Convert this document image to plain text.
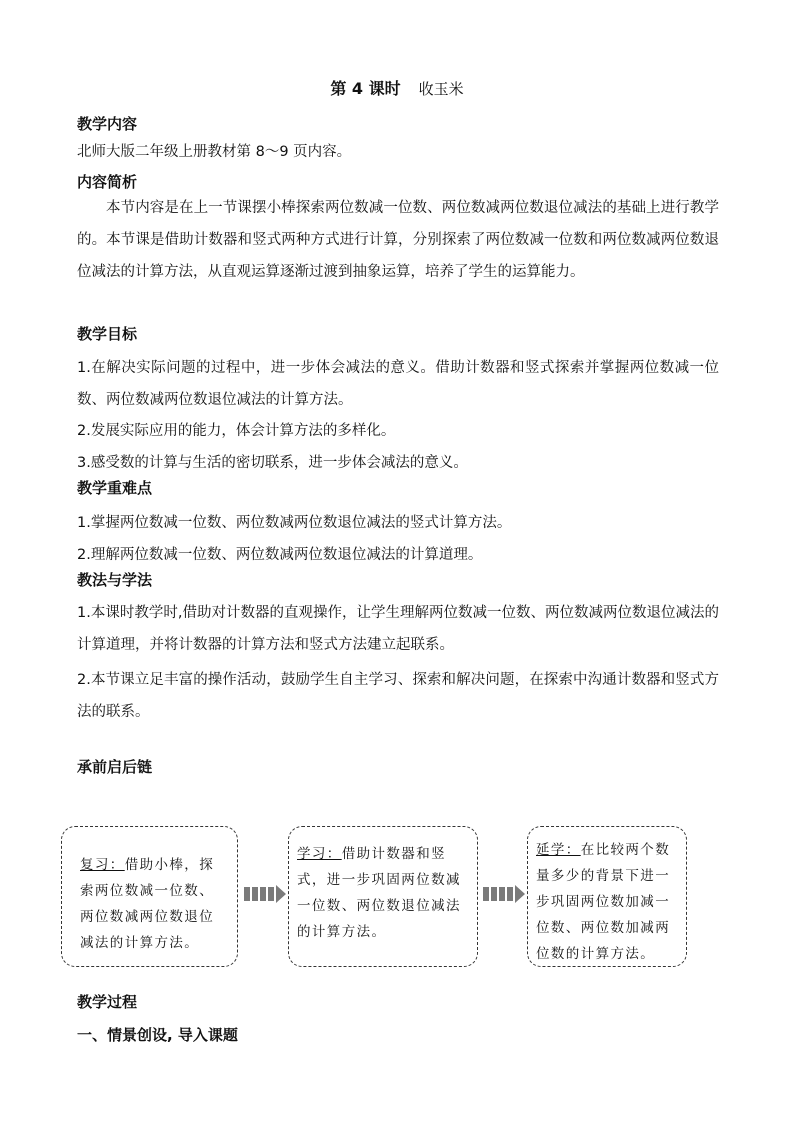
第 4 课时 收玉米
教学内容

北师大版二年级上册教材第 8～9 页内容。

内容简析

本节内容是在上一节课摆小棒探索两位数减一位数、两位数减两位数退位减法的基础上进行教学的。本节课是借助计数器和竖式两种方式进行计算，分别探索了两位数减一位数和两位数减两位数退位减法的计算方法，从直观运算逐渐过渡到抽象运算，培养了学生的运算能力。

教学目标

1.在解决实际问题的过程中，进一步体会减法的意义。借助计数器和竖式探索并掌握两位数减一位数、两位数减两位数退位减法的计算方法。

2.发展实际应用的能力，体会计算方法的多样化。

3.感受数的计算与生活的密切联系，进一步体会减法的意义。

教学重难点

1.掌握两位数减一位数、两位数减两位数退位减法的竖式计算方法。

2.理解两位数减一位数、两位数减两位数退位减法的计算道理。

教法与学法

1.本课时教学时,借助对计数器的直观操作，让学生理解两位数减一位数、两位数减两位数退位减法的计算道理，并将计数器的计算方法和竖式方法建立起联系。

2.本节课立足丰富的操作活动，鼓励学生自主学习、探索和解决问题，在探索中沟通计数器和竖式方法的联系。

承前启后链
复习：借助小棒，探索两位数减一位数、两位数减两位数退位减法的计算方法。
学习：借助计数器和竖式，进一步巩固两位数减一位数、两位数退位减法的计算方法。
延学：在比较两个数量多少的背景下进一步巩固两位数加减一位数、两位数加减两位数的计算方法。
教学过程
一、情景创设, 导入课题
